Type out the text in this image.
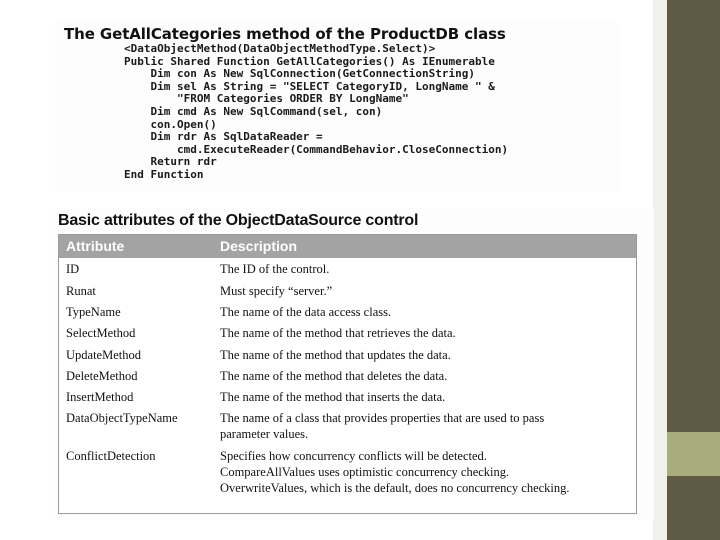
The GetAllCategories method of the ProductDB class
<DataObjectMethod(DataObjectMethodType.Select)>
Public Shared Function GetAllCategories() As IEnumerable
Dim con As New SqlConnection(GetConnectionString)
Dim sel As String = "SELECT CategoryID, LongName " &
"FROM Categories ORDER BY LongName"
Dim cmd As New SqlCommand(sel, con)
con.Open()
Dim rdr As SqlDataReader =
cmd.ExecuteReader(CommandBehavior.CloseConnection)
Return rdr
End Function
Basic attributes of the ObjectDataSource control
Attribute	Description
ID	The ID of the control.
Runat	Must specify “server.”
TypeName	The name of the data access class.
SelectMethod	The name of the method that retrieves the data.
UpdateMethod	The name of the method that updates the data.
DeleteMethod	The name of the method that deletes the data.
InsertMethod	The name of the method that inserts the data.
DataObjectTypeName	The name of a class that provides properties that are used to pass
parameter values.
ConflictDetection	Specifies how concurrency conflicts will be detected.
CompareAllValues uses optimistic concurrency checking.
OverwriteValues, which is the default, does no concurrency checking.
